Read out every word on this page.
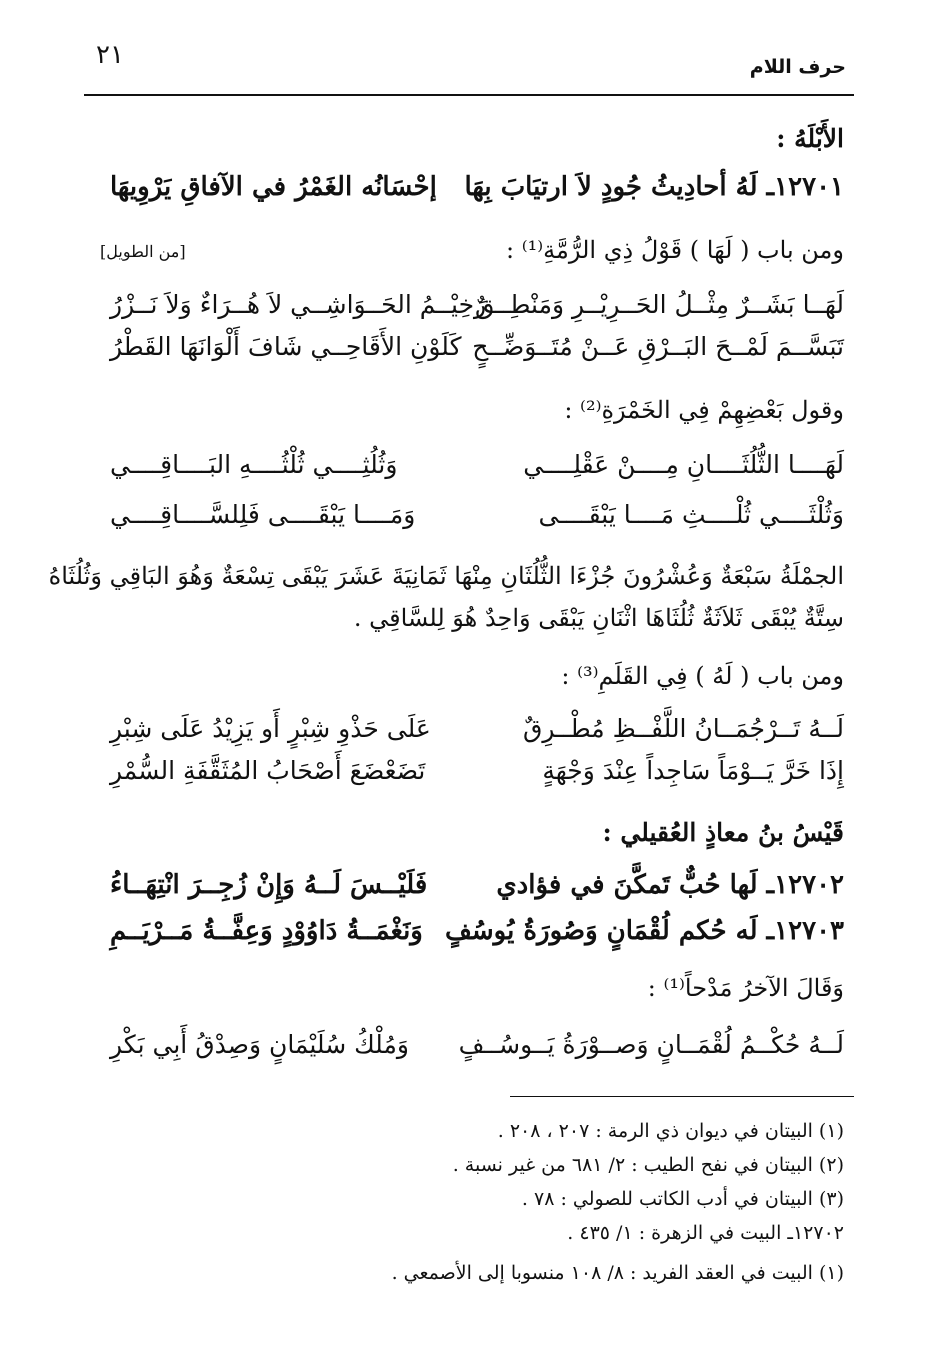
حرف اللام
٢١
الأَبْلَهُ :
١٢٧٠١ـ لَهُ أحادِيثُ جُودٍ لاَ ارتيَابَ بِهَا
إحْسَانُه الغَمْرُ في الآفاقِ يَرْوِيهَا
ومن باب ( لَهَا ) قَوْلُ ذِي الرُّمَّةِ⁽¹⁾ :
[من الطويل]
لَهَــا بَشَــرٌ مِثْــلُ الحَــرِيْــرِ وَمَنْطِــقٌ
رَخِيْــمُ الحَــوَاشِــي لاَ هُــرَاءٌ وَلاَ نَــزْرُ
تَبَسَّــمَ لَمْــحَ البَــرْقِ عَــنْ مُتَــوَضِّــحٍ
كَلَوْنِ الأَقَاحِــي شَافَ أَلْوَانَهَا القَطْرُ
وقول بَعْضِهِمْ فِي الخَمْرَةِ⁽²⁾ :
لَهَــــا الثُّلُثَــــانِ مِــــنْ عَقْلِــــي
وَثُلُثِــــي ثُلْثُــــهِ البَــــاقِــــي
وَثُلْثَــــي ثُلْــــثِ مَــــا يَبْقَــــى
وَمَــــا يَبْقَــــى فَلِلسَّــــاقِــــي
الجمْلَةُ سَبْعَةٌ وَعُشْرُونَ جُزْءَا الثُّلُثَانِ مِنْهَا ثَمَانِيَةَ عَشَرَ يَبْقَى تِسْعَةٌ وَهُوَ البَاقِي وَثُلُثَاهُ
سِتَّةٌ يُبْقَى ثَلاَثَةٌ ثُلُثَاهَا اثْنَانِ يَبْقَى وَاحِدٌ هُوَ لِلسَّاقِي .
ومن باب ( لَهُ ) فِي القَلَمِ⁽³⁾ :
لَــهُ تَــرْجُمَــانُ اللَّفْــظِ مُطْــرِقٌ
عَلَى حَذْوِ شِبْرٍ أَو يَزِيْدُ عَلَى شِبْرِ
إِذَا خَرَّ يَــوْمَاً سَاجِداً عِنْدَ وَجْهَةٍ
تَضَعْضَعَ أَصْحَابُ المُثَقَّفَةِ السُّمْرِ
قَيْسُ بنُ معاذٍ العُقيلي :
١٢٧٠٢ـ لَها حُبٌّ تَمكَّنَ في فؤادي
فَلَيْــسَ لَــهُ وَإِنْ زُجِــرَ انْتِهَــاءُ
١٢٧٠٣ـ لَه حُكم لُقْمَانٍ وَصُورَةُ يُوسُفٍ
وَنَغْمَــةُ دَاوُوْدٍ وَعِفَّــةُ مَــرْيَــمِ
وَقَالَ الآخرُ مَدْحاً⁽¹⁾ :
لَــهُ حُكْــمُ لُقْمَــانٍ وَصــوْرَةُ يَــوسُــفٍ
وَمُلْكُ سُلَيْمَانٍ وَصِدْقُ أَبِي بَكْرِ
(١) البيتان في ديوان ذي الرمة : ٢٠٧ ، ٢٠٨ .
(٢) البيتان في نفح الطيب : ٢/ ٦٨١ من غير نسبة .
(٣) البيتان في أدب الكاتب للصولي : ٧٨ .
١٢٧٠٢ـ البيت في الزهرة : ١/ ٤٣٥ .
(١) البيت في العقد الفريد : ٨/ ١٠٨ منسوبا إلى الأصمعي .
